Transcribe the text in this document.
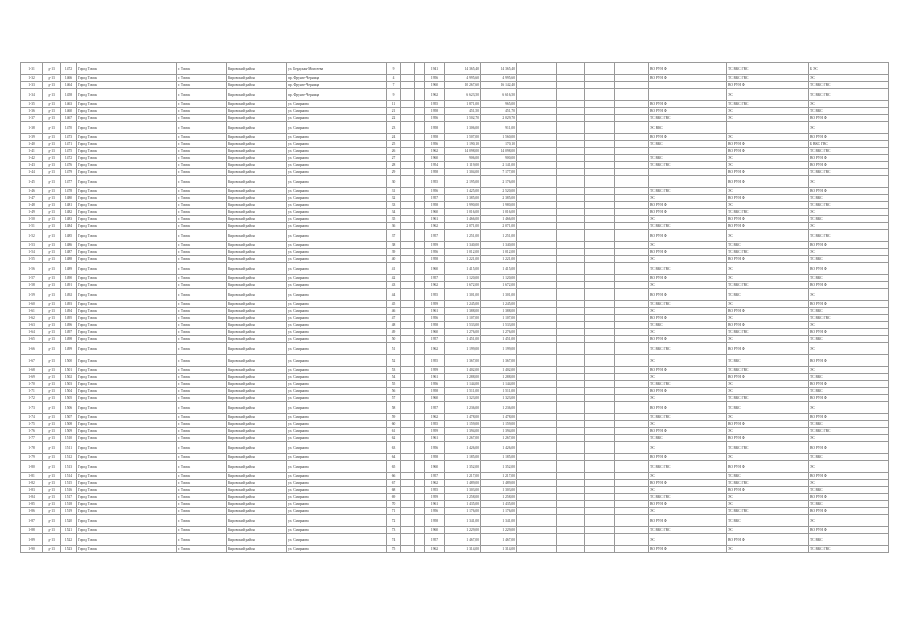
1-31	д-13	1472	Город Томск	г. Томск	Кировский район	ул. Бердская-Моисеева	9			1941	14 365,40	14 365,40					ВО РУН Ф	ТС ВКС ГВС	Б ЭС
1-32	д-13	1466	Город Томск	г. Томск	Кировский район	пр. Фрунзе-Черница	4			1956	4 995,60	4 995,60					ВО РУН Ф	ТС ВКС ГВС	ЭС
1-33	д-13	1464	Город Томск	г. Томск	Кировский район	пр. Фрунзе-Черница	7			1960	10 267,60	16 142,40						ВО РУН Ф	ТС ВКС ГВС
1-34	д-13	1458	Город Томск	г. Томск	Кировский район	пр. Фрунзе-Черница	9			1962	6 623,50	6 616,50						ЭС	ТС ВКС ГВС
1-35	д-13	1463	Город Томск	г. Томск	Кировский район	ул. Смирнова	11			1955	1 871,00	965,00					ВО РУН Ф	ТС ВКС ГВС	ЭС
1-36	д-13	1460	Город Томск	г. Томск	Кировский район	ул. Смирнова	21			1958	451,50	451,70					ВО РУН Ф	ЭС	ТС ВКС
1-37	д-13	1467	Город Томск	г. Томск	Кировский район	ул. Смирнова	22			1956	1 502,70	2 029,70					ТС ВКС ГВС	ЭС	ВО РУН Ф
1-38	д-13	1470	Город Томск	г. Томск	Кировский район	ул. Смирнова	23			1958	1 306,00	911,00					ЭС ВКС		ЭС
1-39	д-13	1473	Город Томск	г. Томск	Кировский район	ул. Смирнова	24			1958	1 507,00	1 560,00					ВО РУН Ф	ЭС	ВО РУН Ф
1-40	д-13	1471	Город Томск	г. Томск	Кировский район	ул. Смирнова	25			1956	1 190,10	170,10					ТС ВКС	ВО РУН Ф	Б ВКС ГВС
1-41	д-13	1475	Город Томск	г. Томск	Кировский район	ул. Смирнова	26			1962	14 098,00	14 098,00						ВО РУН Ф	ТС ВКС ГВС
1-42	д-13	1472	Город Томск	г. Томск	Кировский район	ул. Смирнова	27			1960	906,00	900,00					ТС ВКС	ЭС	ВО РУН Ф
1-43	д-13	1476	Город Томск	г. Томск	Кировский район	ул. Смирнова	28			1954	1 119,00	2 141,00					ТС ВКС ГВС	ЭС	ВО РУН Ф
1-44	д-13	1479	Город Томск	г. Томск	Кировский район	ул. Смирнова	29			1958	1 304,00	7 177,00						ВО РУН Ф	ТС ВКС ГВС
1-45	д-13	1477	Город Томск	г. Томск	Кировский район	ул. Смирнова	30			1955	2 195,00	2 176,00						ВО РУН Ф	ЭС
1-46	д-13	1478	Город Томск	г. Томск	Кировский район	ул. Смирнова	31			1956	1 425,00	2 520,00					ТС ВКС ГВС	ЭС	ВО РУН Ф
1-47	д-13	1480	Город Томск	г. Томск	Кировский район	ул. Смирнова	32			1957	1 385,00	2 385,00					ЭС	ВО РУН Ф	ТС ВКС
1-48	д-13	1481	Город Томск	г. Томск	Кировский район	ул. Смирнова	33			1958	1 990,00	1 980,00					ВО РУН Ф	ЭС	ТС ВКС ГВС
1-49	д-13	1482	Город Томск	г. Томск	Кировский район	ул. Смирнова	34			1960	1 016,00	1 016,00					ВО РУН Ф	ТС ВКС ГВС	ЭС
1-50	д-13	1483	Город Томск	г. Томск	Кировский район	ул. Смирнова	35			1961	1 466,00	1 466,00					ЭС	ВО РУН Ф	ТС ВКС
1-51	д-13	1484	Город Томск	г. Томск	Кировский район	ул. Смирнова	36			1962	2 071,00	2 071,00					ТС ВКС ГВС	ВО РУН Ф	ЭС
1-52	д-13	1485	Город Томск	г. Томск	Кировский район	ул. Смирнова	37			1957	1 251,00	1 251,00					ВО РУН Ф	ЭС	ТС ВКС ГВС
1-53	д-13	1486	Город Томск	г. Томск	Кировский район	ул. Смирнова	38			1959	1 340,00	1 340,00					ЭС	ТС ВКС	ВО РУН Ф
1-54	д-13	1487	Город Томск	г. Томск	Кировский район	ул. Смирнова	39			1956	1 012,00	1 012,00					ВО РУН Ф	ТС ВКС ГВС	ЭС
1-55	д-13	1488	Город Томск	г. Томск	Кировский район	ул. Смирнова	40			1958	1 221,00	1 221,00					ЭС	ВО РУН Ф	ТС ВКС
1-56	д-13	1489	Город Томск	г. Томск	Кировский район	ул. Смирнова	41			1960	1 415,00	1 415,00					ТС ВКС ГВС	ЭС	ВО РУН Ф
1-57	д-13	1490	Город Томск	г. Томск	Кировский район	ул. Смирнова	42			1957	1 120,00	1 120,00					ВО РУН Ф	ЭС	ТС ВКС
1-58	д-13	1491	Город Томск	г. Томск	Кировский район	ул. Смирнова	43			1962	1 672,00	1 672,00					ЭС	ТС ВКС ГВС	ВО РУН Ф
1-59	д-13	1492	Город Томск	г. Томск	Кировский район	ул. Смирнова	44			1955	1 301,00	1 301,00					ВО РУН Ф	ТС ВКС	ЭС
1-60	д-13	1493	Город Томск	г. Томск	Кировский район	ул. Смирнова	45			1959	1 245,00	1 245,00					ТС ВКС ГВС	ЭС	ВО РУН Ф
1-61	д-13	1494	Город Томск	г. Томск	Кировский район	ул. Смирнова	46			1961	1 388,00	1 388,00					ЭС	ВО РУН Ф	ТС ВКС
1-62	д-13	1495	Город Томск	г. Томск	Кировский район	ул. Смирнова	47			1956	1 107,00	1 107,00					ВО РУН Ф	ЭС	ТС ВКС ГВС
1-63	д-13	1496	Город Томск	г. Томск	Кировский район	ул. Смирнова	48			1958	1 533,00	1 533,00					ТС ВКС	ВО РУН Ф	ЭС
1-64	д-13	1497	Город Томск	г. Томск	Кировский район	ул. Смирнова	49			1960	1 276,00	1 276,00					ЭС	ТС ВКС ГВС	ВО РУН Ф
1-65	д-13	1498	Город Томск	г. Томск	Кировский район	ул. Смирнова	50			1957	1 451,00	1 451,00					ВО РУН Ф	ЭС	ТС ВКС
1-66	д-13	1499	Город Томск	г. Томск	Кировский район	ул. Смирнова	51			1962	1 199,00	1 199,00					ТС ВКС ГВС	ВО РУН Ф	ЭС
1-67	д-13	1500	Город Томск	г. Томск	Кировский район	ул. Смирнова	52			1955	1 367,00	1 367,00					ЭС	ТС ВКС	ВО РУН Ф
1-68	д-13	1501	Город Томск	г. Томск	Кировский район	ул. Смирнова	53			1959	1 402,00	1 402,00					ВО РУН Ф	ТС ВКС ГВС	ЭС
1-69	д-13	1502	Город Томск	г. Томск	Кировский район	ул. Смирнова	54			1961	1 288,00	1 288,00					ЭС	ВО РУН Ф	ТС ВКС
1-70	д-13	1503	Город Томск	г. Томск	Кировский район	ул. Смирнова	55			1956	1 144,00	1 144,00					ТС ВКС ГВС	ЭС	ВО РУН Ф
1-71	д-13	1504	Город Томск	г. Томск	Кировский район	ул. Смирнова	56			1958	1 511,00	1 511,00					ВО РУН Ф	ЭС	ТС ВКС
1-72	д-13	1505	Город Томск	г. Томск	Кировский район	ул. Смирнова	57			1960	1 323,00	1 323,00					ЭС	ТС ВКС ГВС	ВО РУН Ф
1-73	д-13	1506	Город Томск	г. Томск	Кировский район	ул. Смирнова	58			1957	1 236,00	1 236,00					ВО РУН Ф	ТС ВКС	ЭС
1-74	д-13	1507	Город Томск	г. Томск	Кировский район	ул. Смирнова	59			1962	1 478,00	1 478,00					ТС ВКС ГВС	ЭС	ВО РУН Ф
1-75	д-13	1508	Город Томск	г. Томск	Кировский район	ул. Смирнова	60			1955	1 159,00	1 159,00					ЭС	ВО РУН Ф	ТС ВКС
1-76	д-13	1509	Город Томск	г. Томск	Кировский район	ул. Смирнова	61			1959	1 394,00	1 394,00					ВО РУН Ф	ЭС	ТС ВКС ГВС
1-77	д-13	1510	Город Томск	г. Томск	Кировский район	ул. Смирнова	62			1961	1 267,00	1 267,00					ТС ВКС	ВО РУН Ф	ЭС
1-78	д-13	1511	Город Томск	г. Томск	Кировский район	ул. Смирнова	63			1956	1 426,00	1 426,00					ЭС	ТС ВКС ГВС	ВО РУН Ф
1-79	д-13	1512	Город Томск	г. Томск	Кировский район	ул. Смирнова	64			1958	1 185,00	1 185,00					ВО РУН Ф	ЭС	ТС ВКС
1-80	д-13	1513	Город Томск	г. Томск	Кировский район	ул. Смирнова	65			1960	1 352,00	1 352,00					ТС ВКС ГВС	ВО РУН Ф	ЭС
1-81	д-13	1514	Город Томск	г. Томск	Кировский район	ул. Смирнова	66			1957	1 217,00	1 217,00					ЭС	ТС ВКС	ВО РУН Ф
1-82	д-13	1515	Город Томск	г. Томск	Кировский район	ул. Смирнова	67			1962	1 489,00	1 489,00					ВО РУН Ф	ТС ВКС ГВС	ЭС
1-83	д-13	1516	Город Томск	г. Томск	Кировский район	ул. Смирнова	68			1955	1 303,00	1 303,00					ЭС	ВО РУН Ф	ТС ВКС
1-84	д-13	1517	Город Томск	г. Томск	Кировский район	ул. Смирнова	69			1959	1 258,00	1 258,00					ТС ВКС ГВС	ЭС	ВО РУН Ф
1-85	д-13	1518	Город Томск	г. Томск	Кировский район	ул. Смирнова	70			1961	1 435,00	1 435,00					ВО РУН Ф	ЭС	ТС ВКС
1-86	д-13	1519	Город Томск	г. Томск	Кировский район	ул. Смирнова	71			1956	1 176,00	1 176,00					ЭС	ТС ВКС ГВС	ВО РУН Ф
1-87	д-13	1520	Город Томск	г. Томск	Кировский район	ул. Смирнова	72			1958	1 341,00	1 341,00					ВО РУН Ф	ТС ВКС	ЭС
1-88	д-13	1521	Город Томск	г. Томск	Кировский район	ул. Смирнова	73			1960	1 229,00	1 229,00					ТС ВКС ГВС	ЭС	ВО РУН Ф
1-89	д-13	1522	Город Томск	г. Томск	Кировский район	ул. Смирнова	74			1957	1 467,00	1 467,00					ЭС	ВО РУН Ф	ТС ВКС
1-90	д-13	1523	Город Томск	г. Томск	Кировский район	ул. Смирнова	75			1962	1 314,00	1 314,00					ВО РУН Ф	ЭС	ТС ВКС ГВС
